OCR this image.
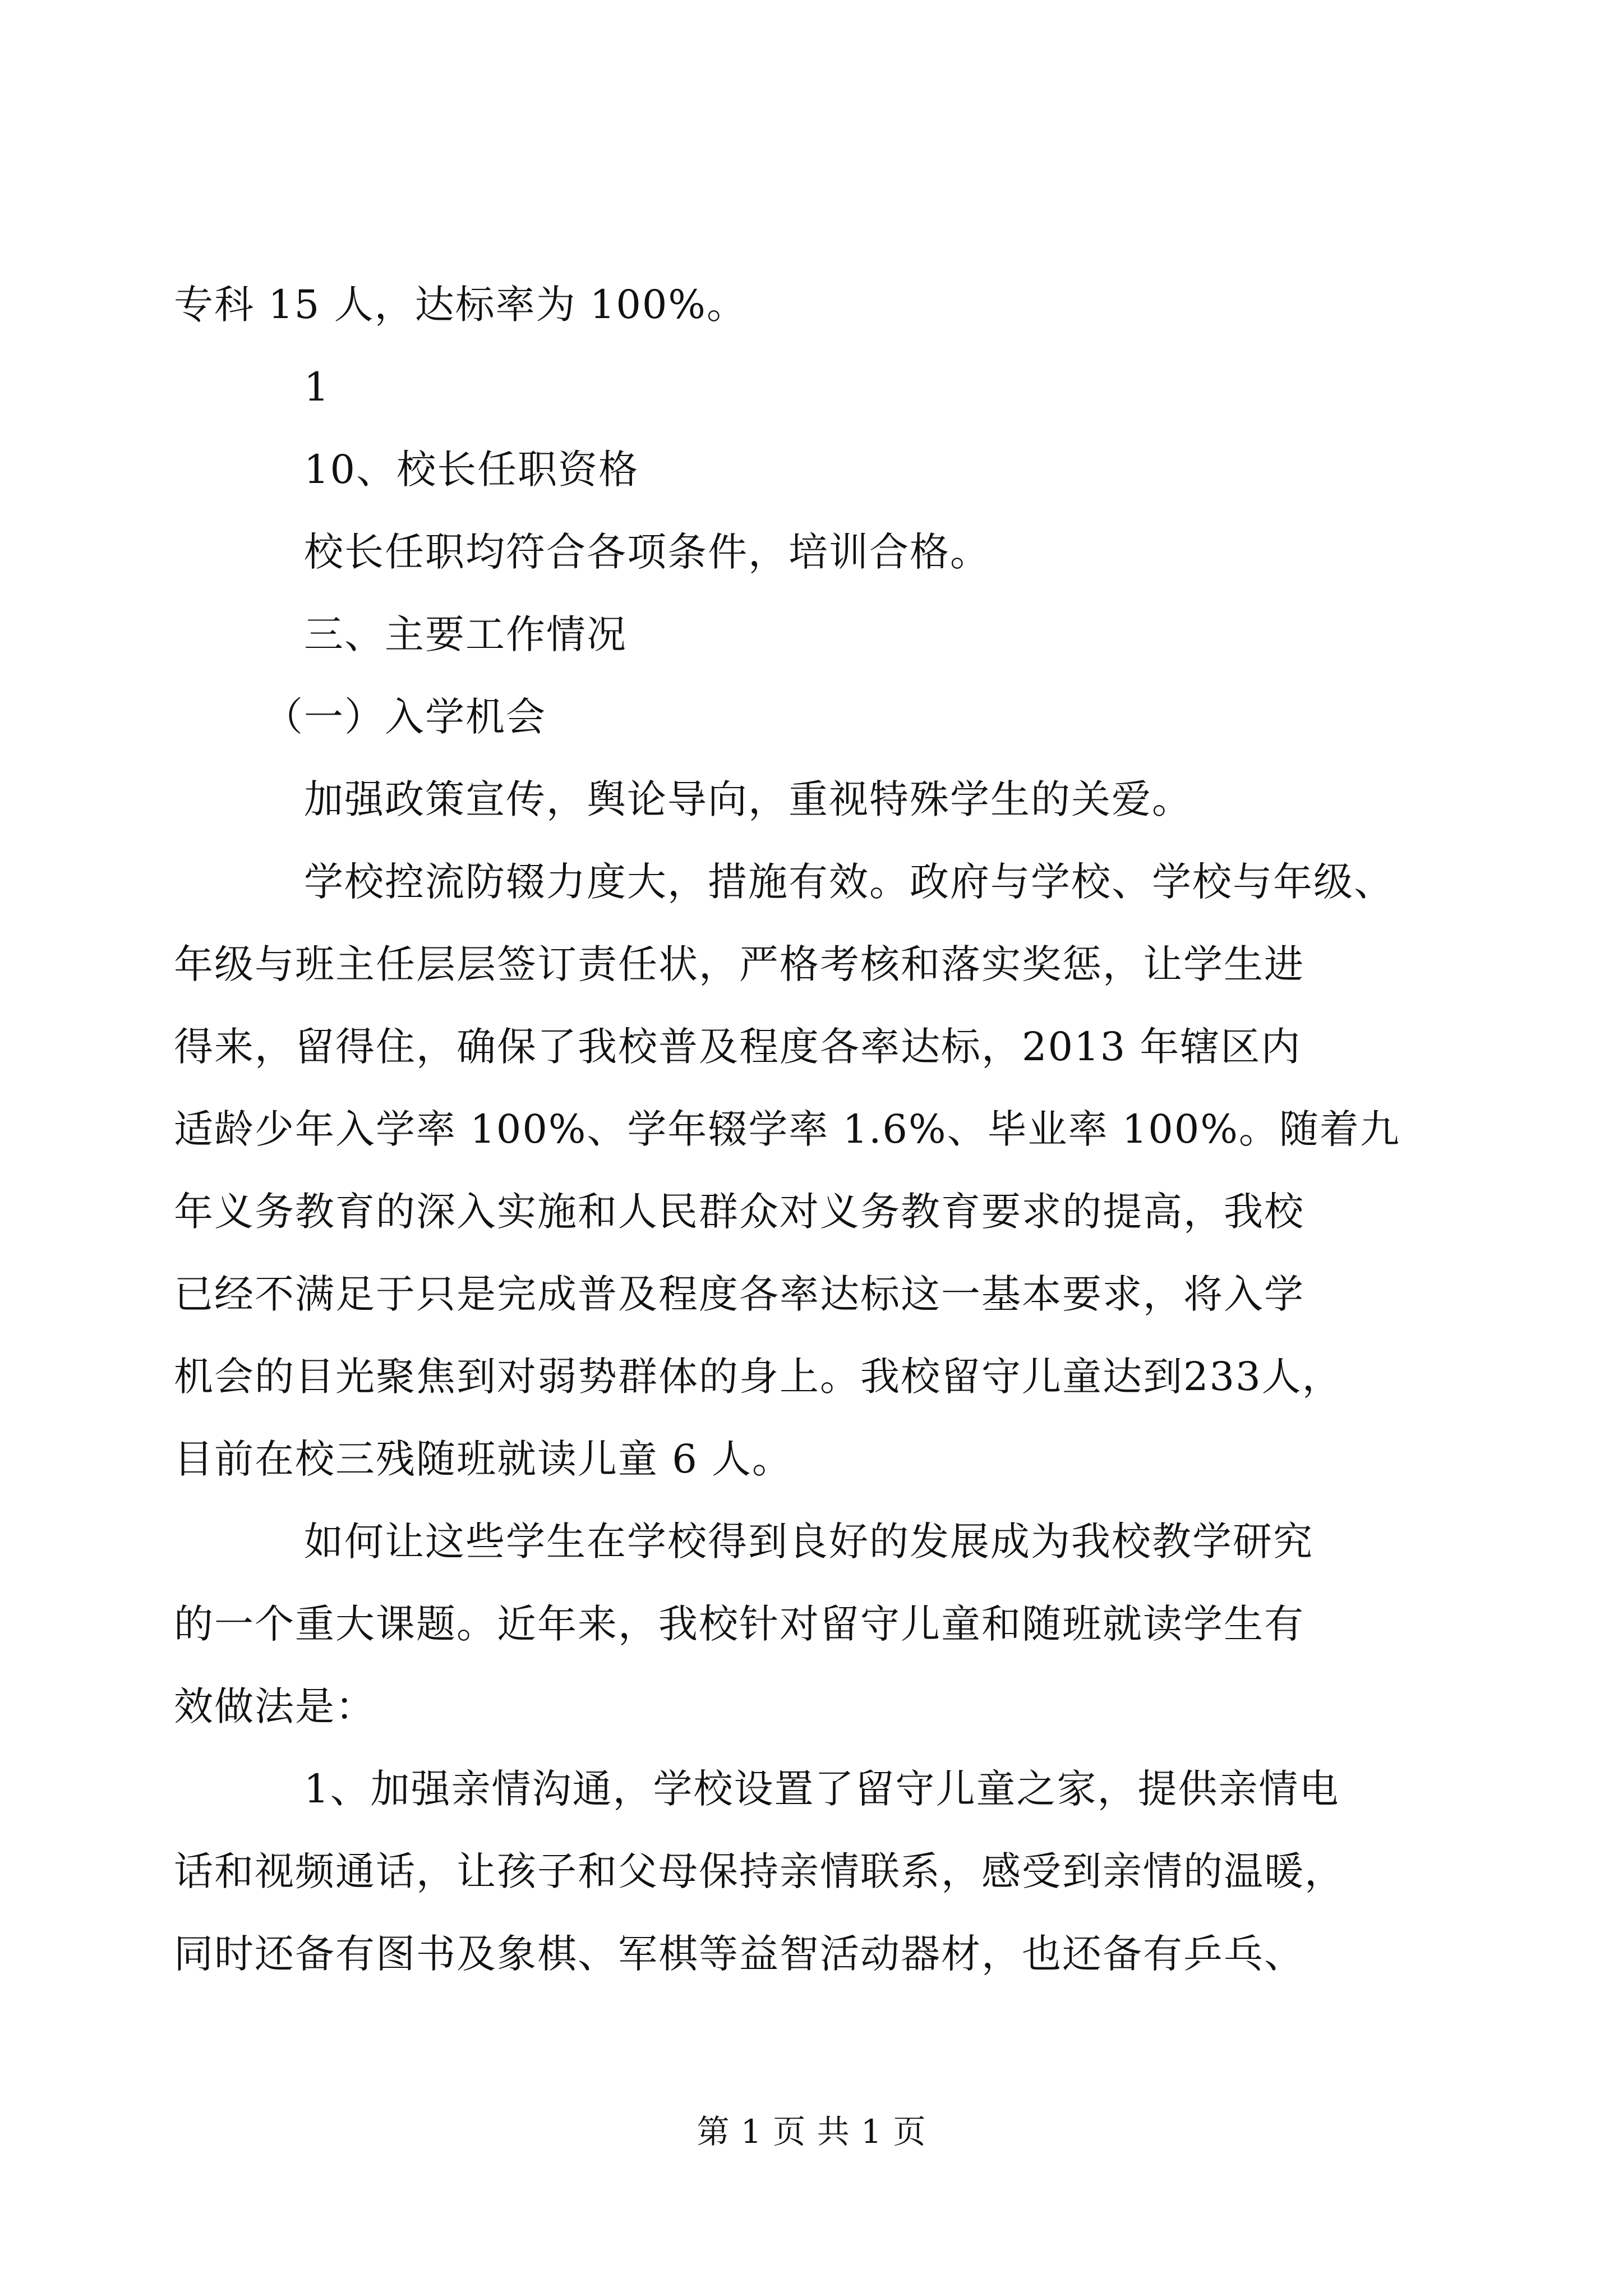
专科 15 人，达标率为 100%。
1
10、校长任职资格
校长任职均符合各项条件，培训合格。
三、主要工作情况
（一）入学机会
加强政策宣传，舆论导向，重视特殊学生的关爱。
学校控流防辍力度大，措施有效。政府与学校、学校与年级、
年级与班主任层层签订责任状，严格考核和落实奖惩，让学生进
得来，留得住，确保了我校普及程度各率达标，2013 年辖区内
适龄少年入学率 100%、学年辍学率 1.6%、毕业率 100%。随着九
年义务教育的深入实施和人民群众对义务教育要求的提高，我校
已经不满足于只是完成普及程度各率达标这一基本要求，将入学
机会的目光聚焦到对弱势群体的身上。我校留守儿童达到233人，
目前在校三残随班就读儿童 6 人。
如何让这些学生在学校得到良好的发展成为我校教学研究
的一个重大课题。近年来，我校针对留守儿童和随班就读学生有
效做法是：
1、加强亲情沟通，学校设置了留守儿童之家，提供亲情电
话和视频通话，让孩子和父母保持亲情联系，感受到亲情的温暖，
同时还备有图书及象棋、军棋等益智活动器材，也还备有乒乓、
第 1 页 共 1 页
